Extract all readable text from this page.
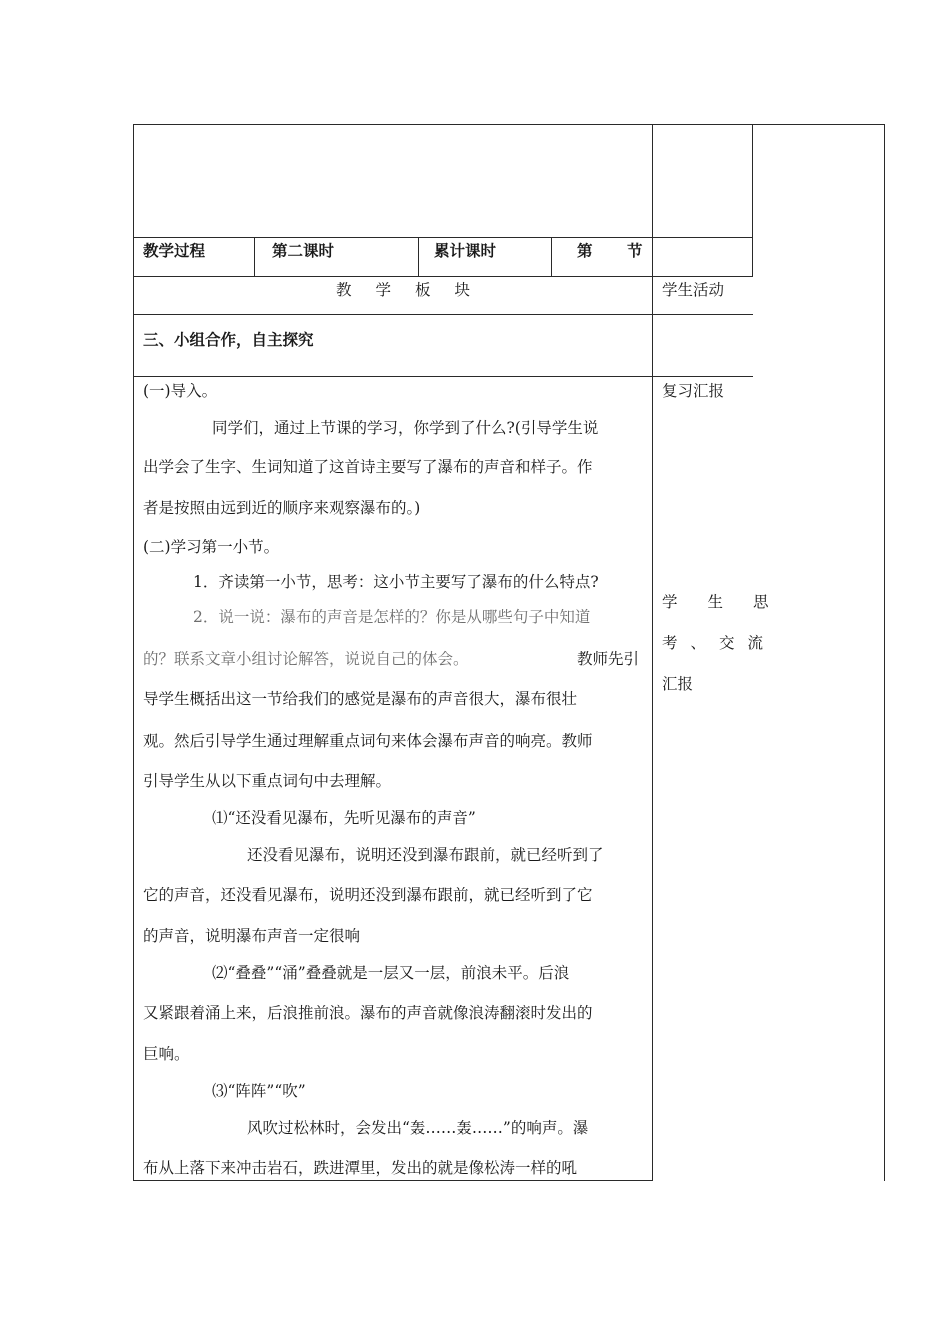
教学过程	第二课时	累计课时	第 节
教学板块	学生活动
三、小组合作，自主探究
(一)导入。
同学们，通过上节课的学习，你学到了什么?(引导学生说
出学会了生字、生词知道了这首诗主要写了瀑布的声音和样子。作
者是按照由远到近的顺序来观察瀑布的。)
(二)学习第一小节。
1．齐读第一小节，思考：这小节主要写了瀑布的什么特点?
2．说一说：瀑布的声音是怎样的？你是从哪些句子中知道
的？联系文章小组讨论解答，说说自己的体会。	教师先引
导学生概括出这一节给我们的感觉是瀑布的声音很大，瀑布很壮
观。然后引导学生通过理解重点词句来体会瀑布声音的响亮。教师
引导学生从以下重点词句中去理解。
⑴“还没看见瀑布，先听见瀑布的声音”
还没看见瀑布，说明还没到瀑布跟前，就已经听到了
它的声音，还没看见瀑布，说明还没到瀑布跟前，就已经听到了它
的声音，说明瀑布声音一定很响
⑵“叠叠”“涌”叠叠就是一层又一层，前浪未平。后浪
又紧跟着涌上来，后浪推前浪。瀑布的声音就像浪涛翻滚时发出的
巨响。
⑶“阵阵”“吹”
风吹过松林时，会发出“轰……轰……”的响声。瀑
布从上落下来冲击岩石，跌进潭里，发出的就是像松涛一样的吼
复习汇报
学生思
考、交流
汇报
